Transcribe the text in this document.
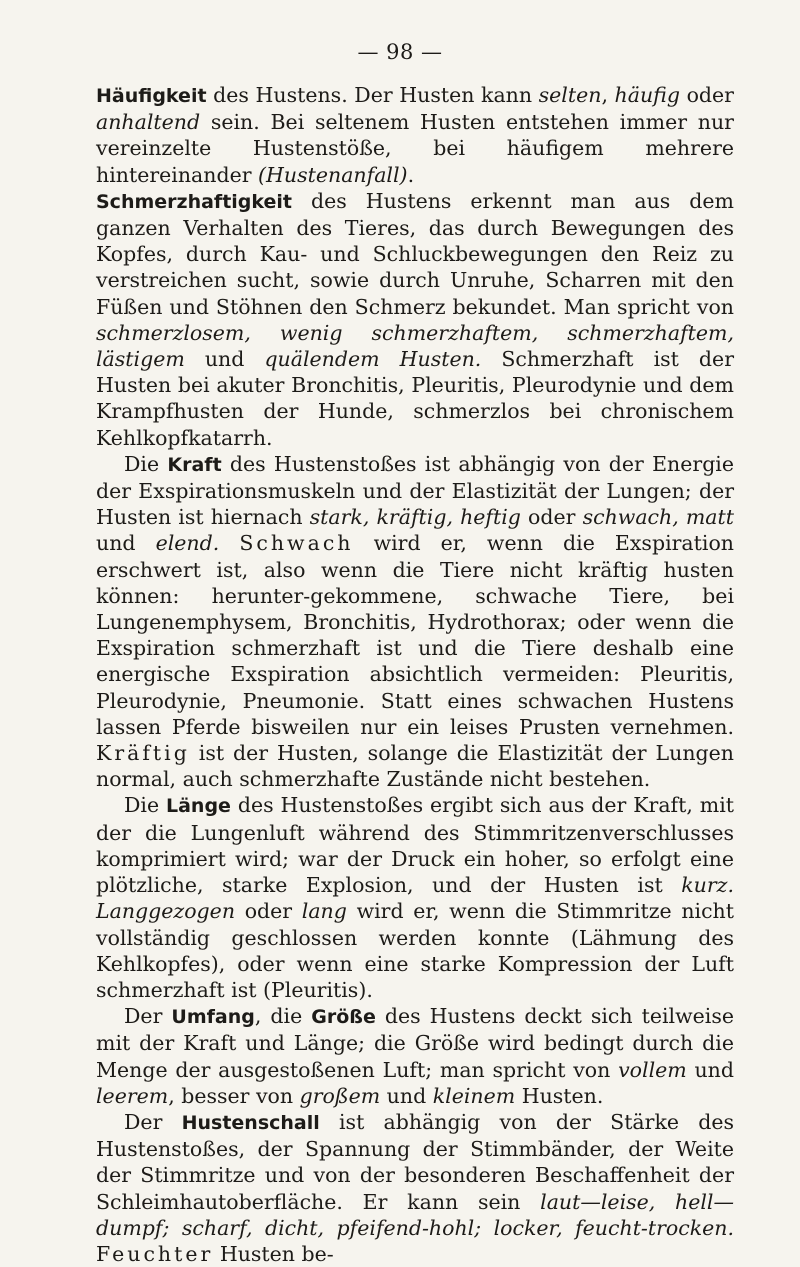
— 98 —

Häufigkeit des Hustens. Der Husten kann selten, häufig oder anhaltend sein. Bei seltenem Husten entstehen immer nur vereinzelte Hustenstöße, bei häufigem mehrere hintereinander (Hustenanfall).

Schmerzhaftigkeit des Hustens erkennt man aus dem ganzen Verhalten des Tieres, das durch Bewegungen des Kopfes, durch Kau- und Schluckbewegungen den Reiz zu verstreichen sucht, sowie durch Unruhe, Scharren mit den Füßen und Stöhnen den Schmerz bekundet. Man spricht von schmerzlosem, wenig schmerzhaftem, schmerzhaftem, lästigem und quälendem Husten. Schmerzhaft ist der Husten bei akuter Bronchitis, Pleuritis, Pleurodynie und dem Krampfhusten der Hunde, schmerzlos bei chronischem Kehlkopfkatarrh.

Die Kraft des Hustenstoßes ist abhängig von der Energie der Exspirationsmuskeln und der Elastizität der Lungen; der Husten ist hiernach stark, kräftig, heftig oder schwach, matt und elend. Schwach wird er, wenn die Exspiration erschwert ist, also wenn die Tiere nicht kräftig husten können: herunter-gekommene, schwache Tiere, bei Lungenemphysem, Bronchitis, Hydrothorax; oder wenn die Exspiration schmerzhaft ist und die Tiere deshalb eine energische Exspiration absichtlich vermeiden: Pleuritis, Pleurodynie, Pneumonie. Statt eines schwachen Hustens lassen Pferde bisweilen nur ein leises Prusten vernehmen. Kräftig ist der Husten, solange die Elastizität der Lungen normal, auch schmerzhafte Zustände nicht bestehen.

Die Länge des Hustenstoßes ergibt sich aus der Kraft, mit der die Lungenluft während des Stimmritzenverschlusses komprimiert wird; war der Druck ein hoher, so erfolgt eine plötzliche, starke Explosion, und der Husten ist kurz. Langgezogen oder lang wird er, wenn die Stimmritze nicht vollständig geschlossen werden konnte (Lähmung des Kehlkopfes), oder wenn eine starke Kompression der Luft schmerzhaft ist (Pleuritis).

Der Umfang, die Größe des Hustens deckt sich teilweise mit der Kraft und Länge; die Größe wird bedingt durch die Menge der ausgestoßenen Luft; man spricht von vollem und leerem, besser von großem und kleinem Husten.

Der Hustenschall ist abhängig von der Stärke des Hustenstoßes, der Spannung der Stimmbänder, der Weite der Stimmritze und von der besonderen Beschaffenheit der Schleimhautoberfläche. Er kann sein laut—leise, hell—dumpf; scharf, dicht, pfeifend-hohl; locker, feucht-trocken. Feuchter Husten be-
